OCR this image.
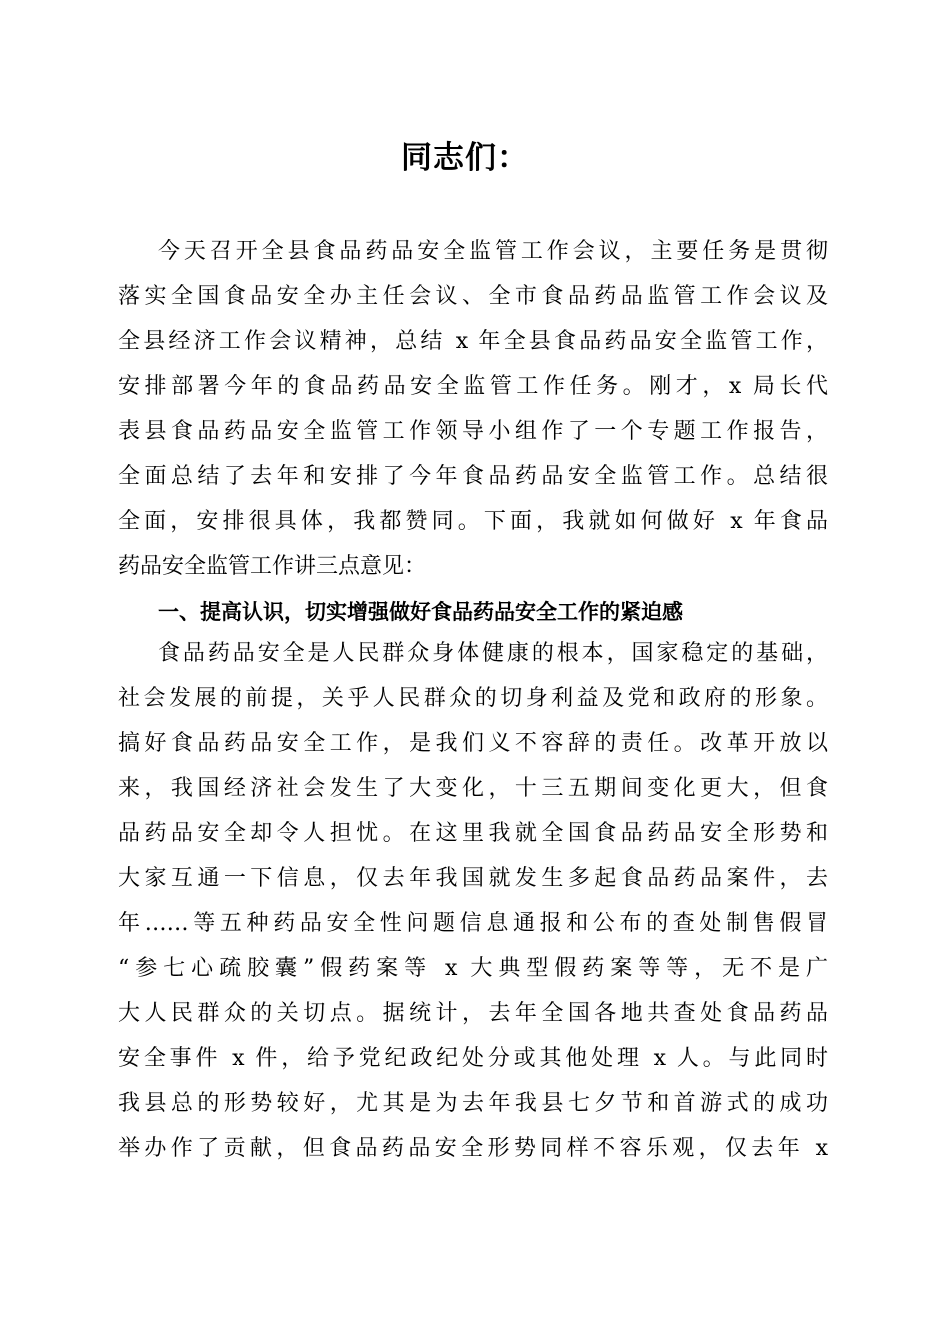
同志们：
今天召开全县食品药品安全监管工作会议，主要任务是贯彻
落实全国食品安全办主任会议、全市食品药品监管工作会议及
全县经济工作会议精神，总结 x 年全县食品药品安全监管工作，
安排部署今年的食品药品安全监管工作任务。刚才，x 局长代
表县食品药品安全监管工作领导小组作了一个专题工作报告，
全面总结了去年和安排了今年食品药品安全监管工作。总结很
全面，安排很具体，我都赞同。下面，我就如何做好 x 年食品
药品安全监管工作讲三点意见：
一、提高认识，切实增强做好食品药品安全工作的紧迫感
食品药品安全是人民群众身体健康的根本，国家稳定的基础，
社会发展的前提，关乎人民群众的切身利益及党和政府的形象。
搞好食品药品安全工作，是我们义不容辞的责任。改革开放以
来，我国经济社会发生了大变化，十三五期间变化更大，但食
品药品安全却令人担忧。在这里我就全国食品药品安全形势和
大家互通一下信息，仅去年我国就发生多起食品药品案件，去
年……等五种药品安全性问题信息通报和公布的查处制售假冒
“参七心疏胶囊”假药案等 x 大典型假药案等等，无不是广
大人民群众的关切点。据统计，去年全国各地共查处食品药品
安全事件 x 件，给予党纪政纪处分或其他处理 x 人。与此同时
我县总的形势较好，尤其是为去年我县七夕节和首游式的成功
举办作了贡献，但食品药品安全形势同样不容乐观，仅去年 x
